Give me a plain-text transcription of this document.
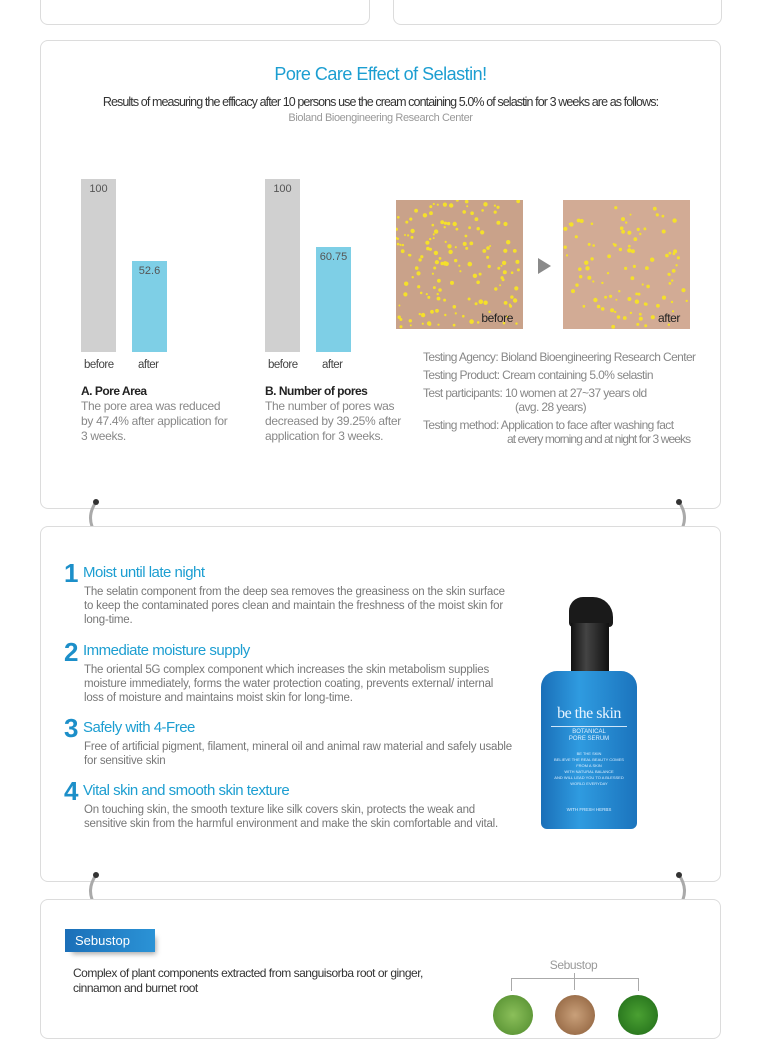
Pore Care Effect of Selastin!
Results of measuring the efficacy after 10 persons use the cream containing 5.0% of selastin for 3 weeks are as follows:
Bioland Bioengineering Research Center
100
52.6
before after
A. Pore Area
The pore area was reduced by 47.4% after application for 3 weeks.
100
60.75
before after
B. Number of pores
The number of pores was decreased by 39.25% after application for 3 weeks.
before	after
Testing Agency: Bioland Bioengineering Research Center
Testing Product: Cream containing 5.0% selastin
Test participants: 10 women at 27~37 years old
(avg. 28 years)
Testing method: Application to face after washing fact
at every morning and at night for 3 weeks
1 Moist until late night
The selatin component from the deep sea removes the greasiness on the skin surface to keep the contaminated pores clean and maintain the freshness of the moist skin for long-time.
2 Immediate moisture supply
The oriental 5G complex component which increases the skin metabolism supplies moisture immediately, forms the water protection coating, prevents external/ internal loss of moisture and maintains moist skin for long-time.
3 Safely with 4-Free
Free of artificial pigment, filament, mineral oil and animal raw material and safely usable for sensitive skin
4 Vital skin and smooth skin texture
On touching skin, the smooth texture like silk covers skin, protects the weak and sensitive skin from the harmful environment and make the skin comfortable and vital.
be the skin
BOTANICAL
PORE SERUM
BE THE SKIN
BELIEVE THE REAL BEAUTY COMES
FROM A SKIN
WITH NATURAL BALANCE
AND WILL LEAD YOU TO A BLESSED
WORLD EVERYDAY
WITH FRESH HERBS
Sebustop
Complex of plant components extracted from sanguisorba root or ginger, cinnamon and burnet root
Sebustop
